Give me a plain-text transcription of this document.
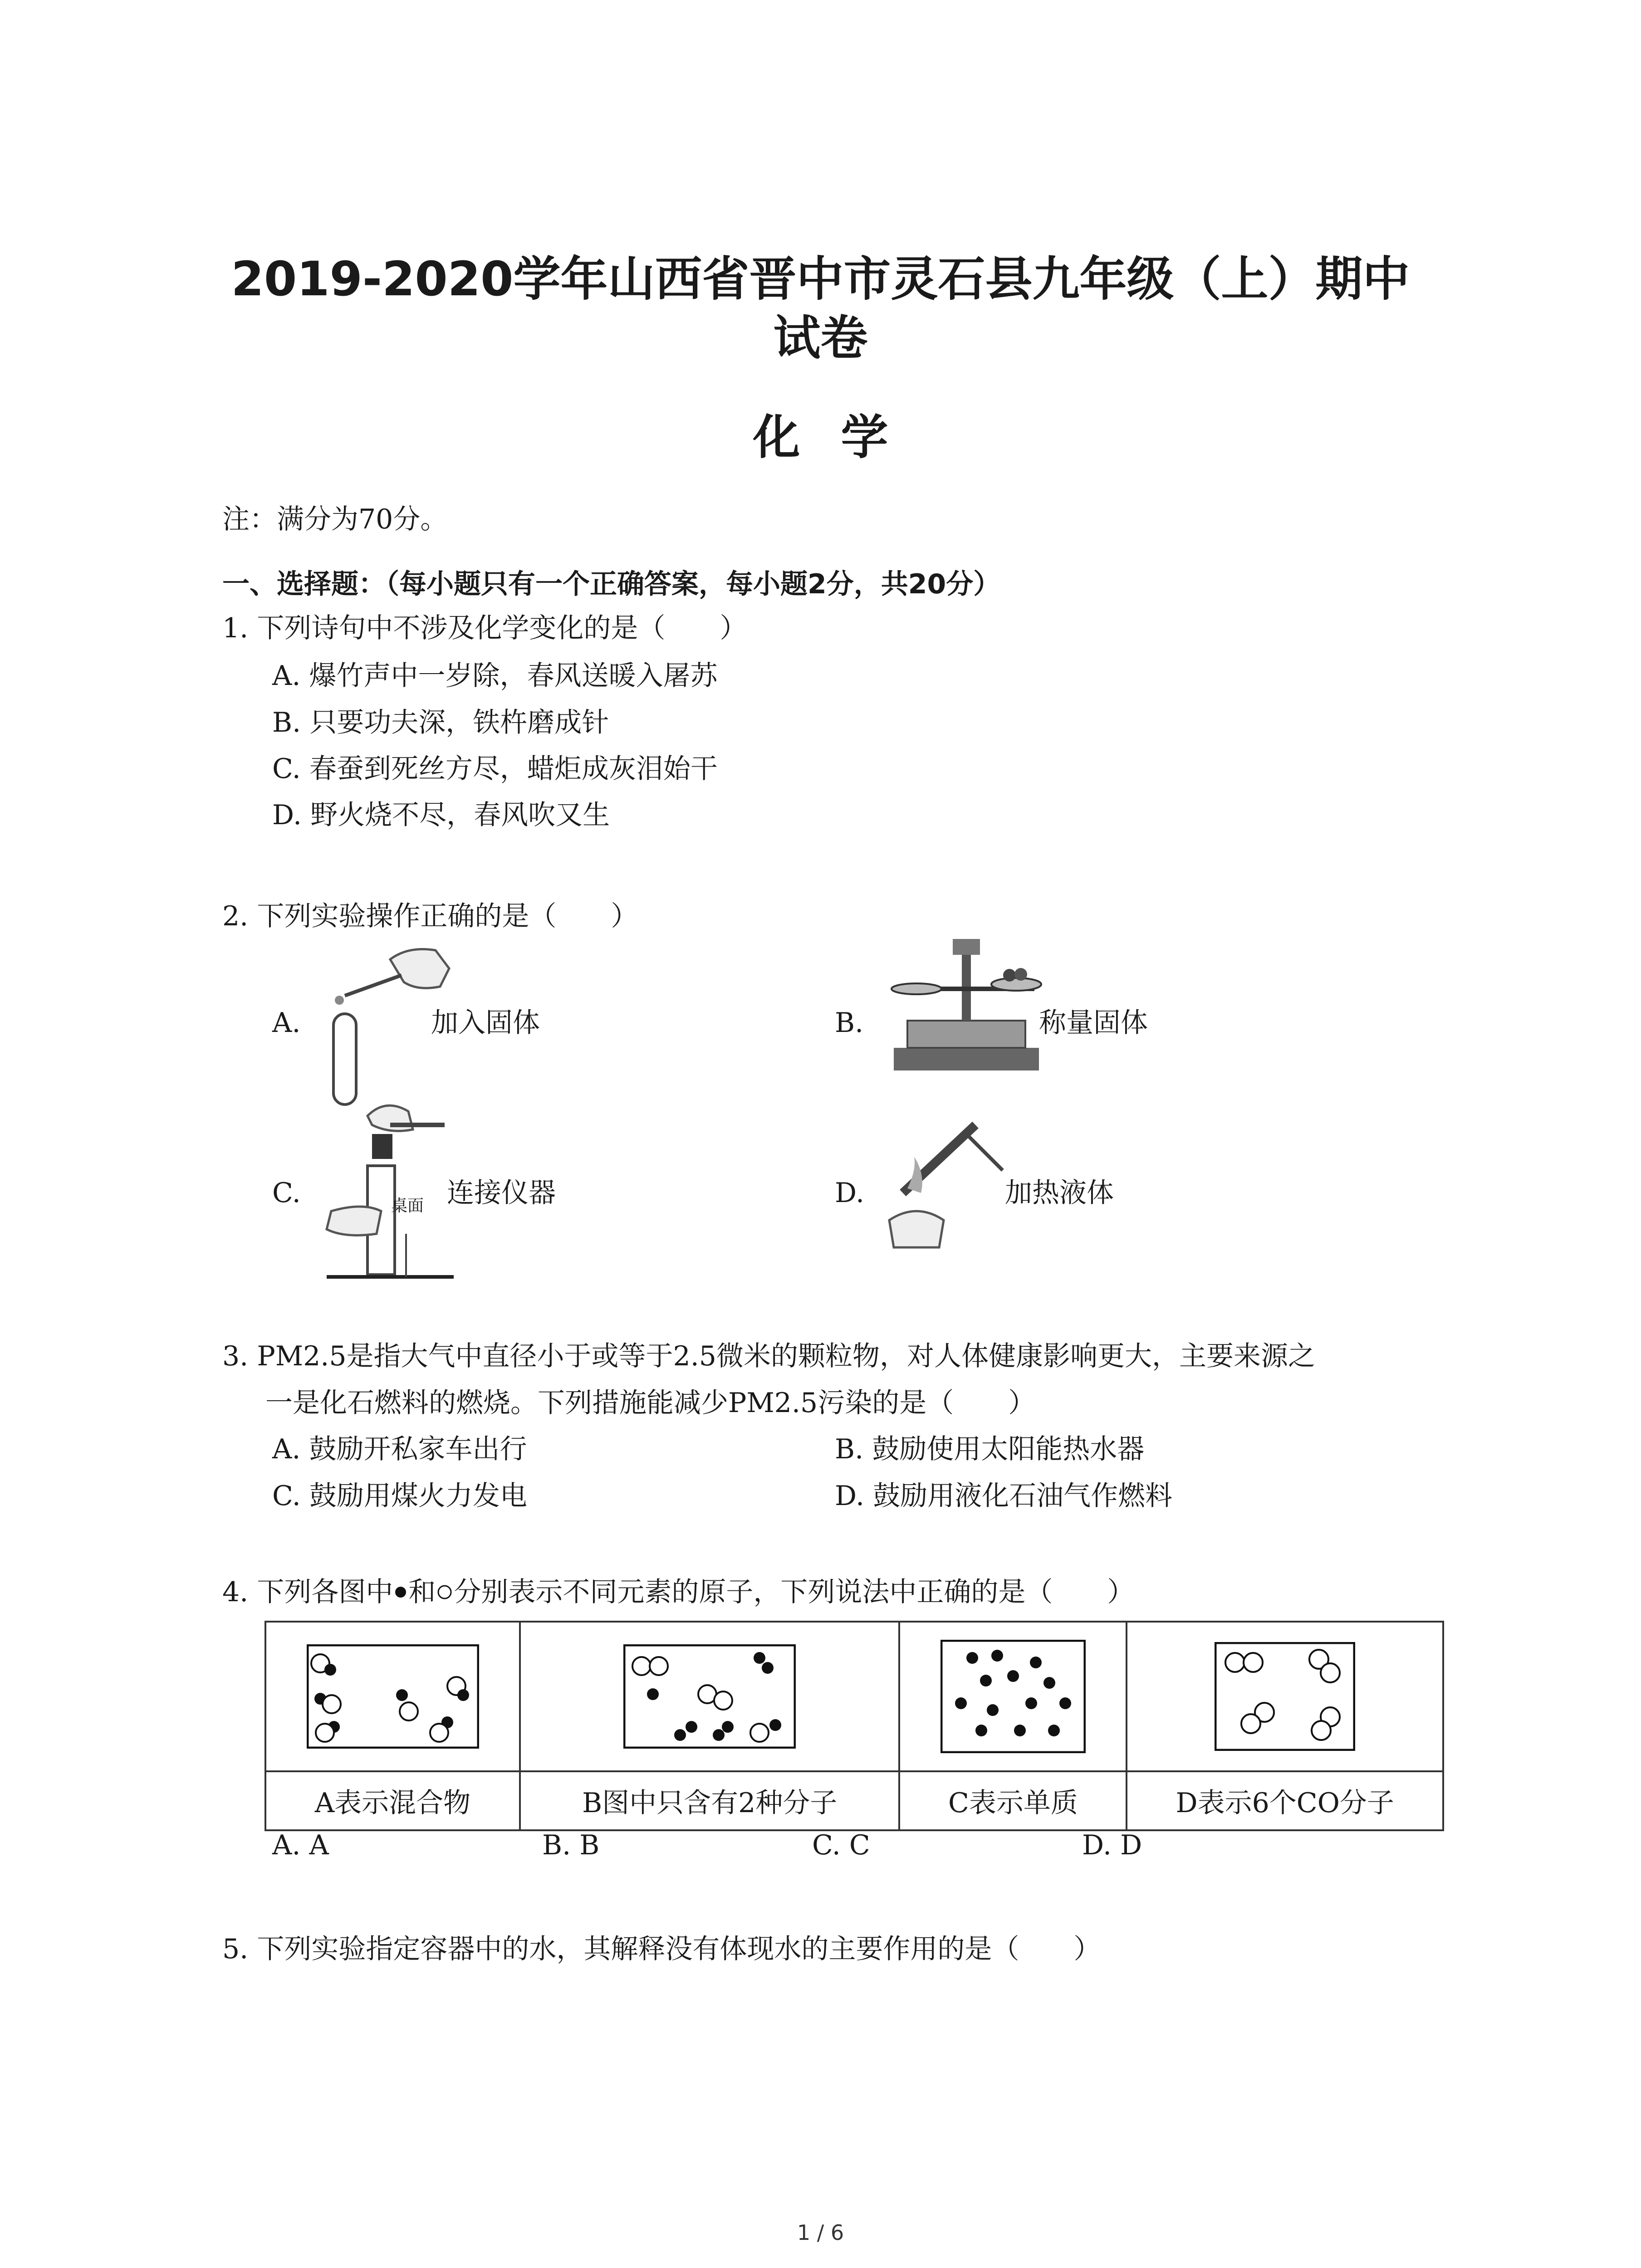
2019-2020学年山西省晋中市灵石县九年级（上）期中
试卷
化学
注：满分为70分。
一、选择题：（每小题只有一个正确答案，每小题2分，共20分）
1. 下列诗句中不涉及化学变化的是（　　）
A. 爆竹声中一岁除，春风送暖入屠苏
B. 只要功夫深，铁杵磨成针
C. 春蚕到死丝方尽，蜡炬成灰泪始干
D. 野火烧不尽，春风吹又生
2. 下列实验操作正确的是（　　）
A.	加入固体	B.	称量固体
C.	桌面 连接仪器	D.	加热液体
3. PM2.5是指大气中直径小于或等于2.5微米的颗粒物，对人体健康影响更大，主要来源之
一是化石燃料的燃烧。下列措施能减少PM2.5污染的是（　　）
A. 鼓励开私家车出行	B. 鼓励使用太阳能热水器
C. 鼓励用煤火力发电	D. 鼓励用液化石油气作燃料
4. 下列各图中 和 分别表示不同元素的原子，下列说法中正确的是（　　）

A表示混合物	B图中只含有2种分子	C表示单质	D表示6个CO分子
A. A	B. B	C. C	D. D
5. 下列实验指定容器中的水，其解释没有体现水的主要作用的是（　　）
1 / 6
